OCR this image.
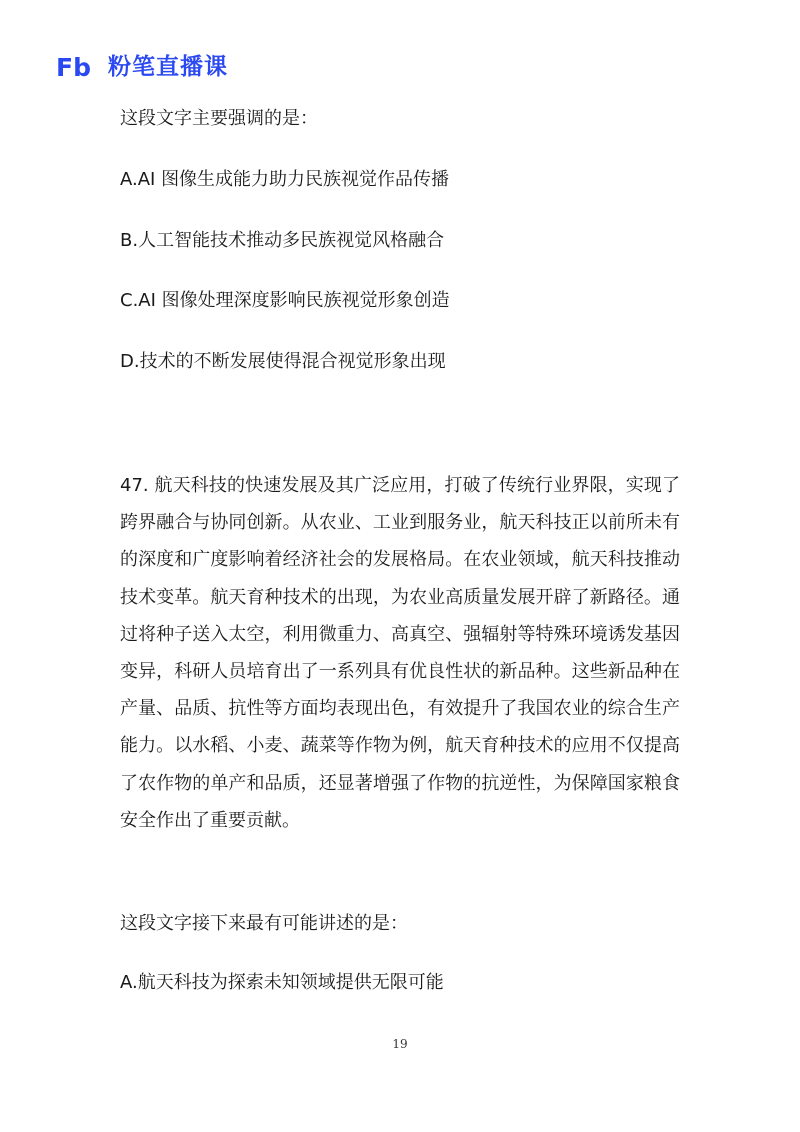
Fb 粉笔直播课
这段文字主要强调的是：
A.AI 图像生成能力助力民族视觉作品传播
B.人工智能技术推动多民族视觉风格融合
C.AI 图像处理深度影响民族视觉形象创造
D.技术的不断发展使得混合视觉形象出现
47. 航天科技的快速发展及其广泛应用，打破了传统行业界限，实现了跨界融合与协同创新。从农业、工业到服务业，航天科技正以前所未有的深度和广度影响着经济社会的发展格局。在农业领域，航天科技推动技术变革。航天育种技术的出现，为农业高质量发展开辟了新路径。通过将种子送入太空，利用微重力、高真空、强辐射等特殊环境诱发基因变异，科研人员培育出了一系列具有优良性状的新品种。这些新品种在产量、品质、抗性等方面均表现出色，有效提升了我国农业的综合生产能力。以水稻、小麦、蔬菜等作物为例，航天育种技术的应用不仅提高了农作物的单产和品质，还显著增强了作物的抗逆性，为保障国家粮食安全作出了重要贡献。
这段文字接下来最有可能讲述的是：
A.航天科技为探索未知领域提供无限可能
19
